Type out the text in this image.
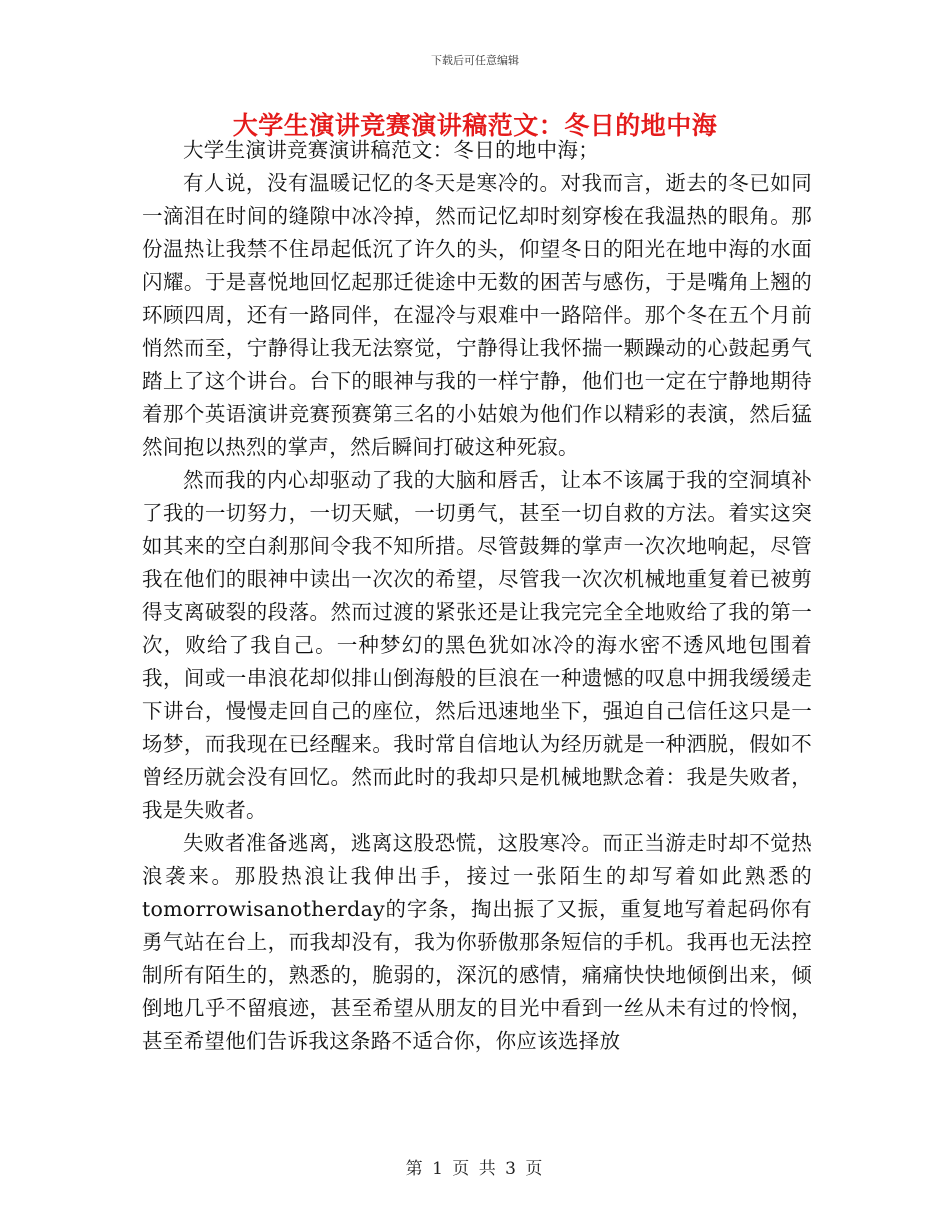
下载后可任意编辑
大学生演讲竞赛演讲稿范文：冬日的地中海

大学生演讲竞赛演讲稿范文：冬日的地中海；

有人说，没有温暖记忆的冬天是寒冷的。对我而言，逝去的冬已如同一滴泪在时间的缝隙中冰冷掉，然而记忆却时刻穿梭在我温热的眼角。那份温热让我禁不住昂起低沉了许久的头，仰望冬日的阳光在地中海的水面闪耀。于是喜悦地回忆起那迁徙途中无数的困苦与感伤，于是嘴角上翘的环顾四周，还有一路同伴，在湿冷与艰难中一路陪伴。那个冬在五个月前悄然而至，宁静得让我无法察觉，宁静得让我怀揣一颗躁动的心鼓起勇气踏上了这个讲台。台下的眼神与我的一样宁静，他们也一定在宁静地期待着那个英语演讲竞赛预赛第三名的小姑娘为他们作以精彩的表演，然后猛然间抱以热烈的掌声，然后瞬间打破这种死寂。

然而我的内心却驱动了我的大脑和唇舌，让本不该属于我的空洞填补了我的一切努力，一切天赋，一切勇气，甚至一切自救的方法。着实这突如其来的空白刹那间令我不知所措。尽管鼓舞的掌声一次次地响起，尽管我在他们的眼神中读出一次次的希望，尽管我一次次机械地重复着已被剪得支离破裂的段落。然而过渡的紧张还是让我完完全全地败给了我的第一次，败给了我自己。一种梦幻的黑色犹如冰冷的海水密不透风地包围着我，间或一串浪花却似排山倒海般的巨浪在一种遗憾的叹息中拥我缓缓走下讲台，慢慢走回自己的座位，然后迅速地坐下，强迫自己信任这只是一场梦，而我现在已经醒来。我时常自信地认为经历就是一种洒脱，假如不曾经历就会没有回忆。然而此时的我却只是机械地默念着：我是失败者，我是失败者。

失败者准备逃离，逃离这股恐慌，这股寒冷。而正当游走时却不觉热浪袭来。那股热浪让我伸出手，接过一张陌生的却写着如此熟悉的tomorrowisanotherday的字条，掏出振了又振，重复地写着起码你有勇气站在台上，而我却没有，我为你骄傲那条短信的手机。我再也无法控制所有陌生的，熟悉的，脆弱的，深沉的感情，痛痛快快地倾倒出来，倾倒地几乎不留痕迹，甚至希望从朋友的目光中看到一丝从未有过的怜悯，甚至希望他们告诉我这条路不适合你，你应该选择放

第 1 页 共 3 页
